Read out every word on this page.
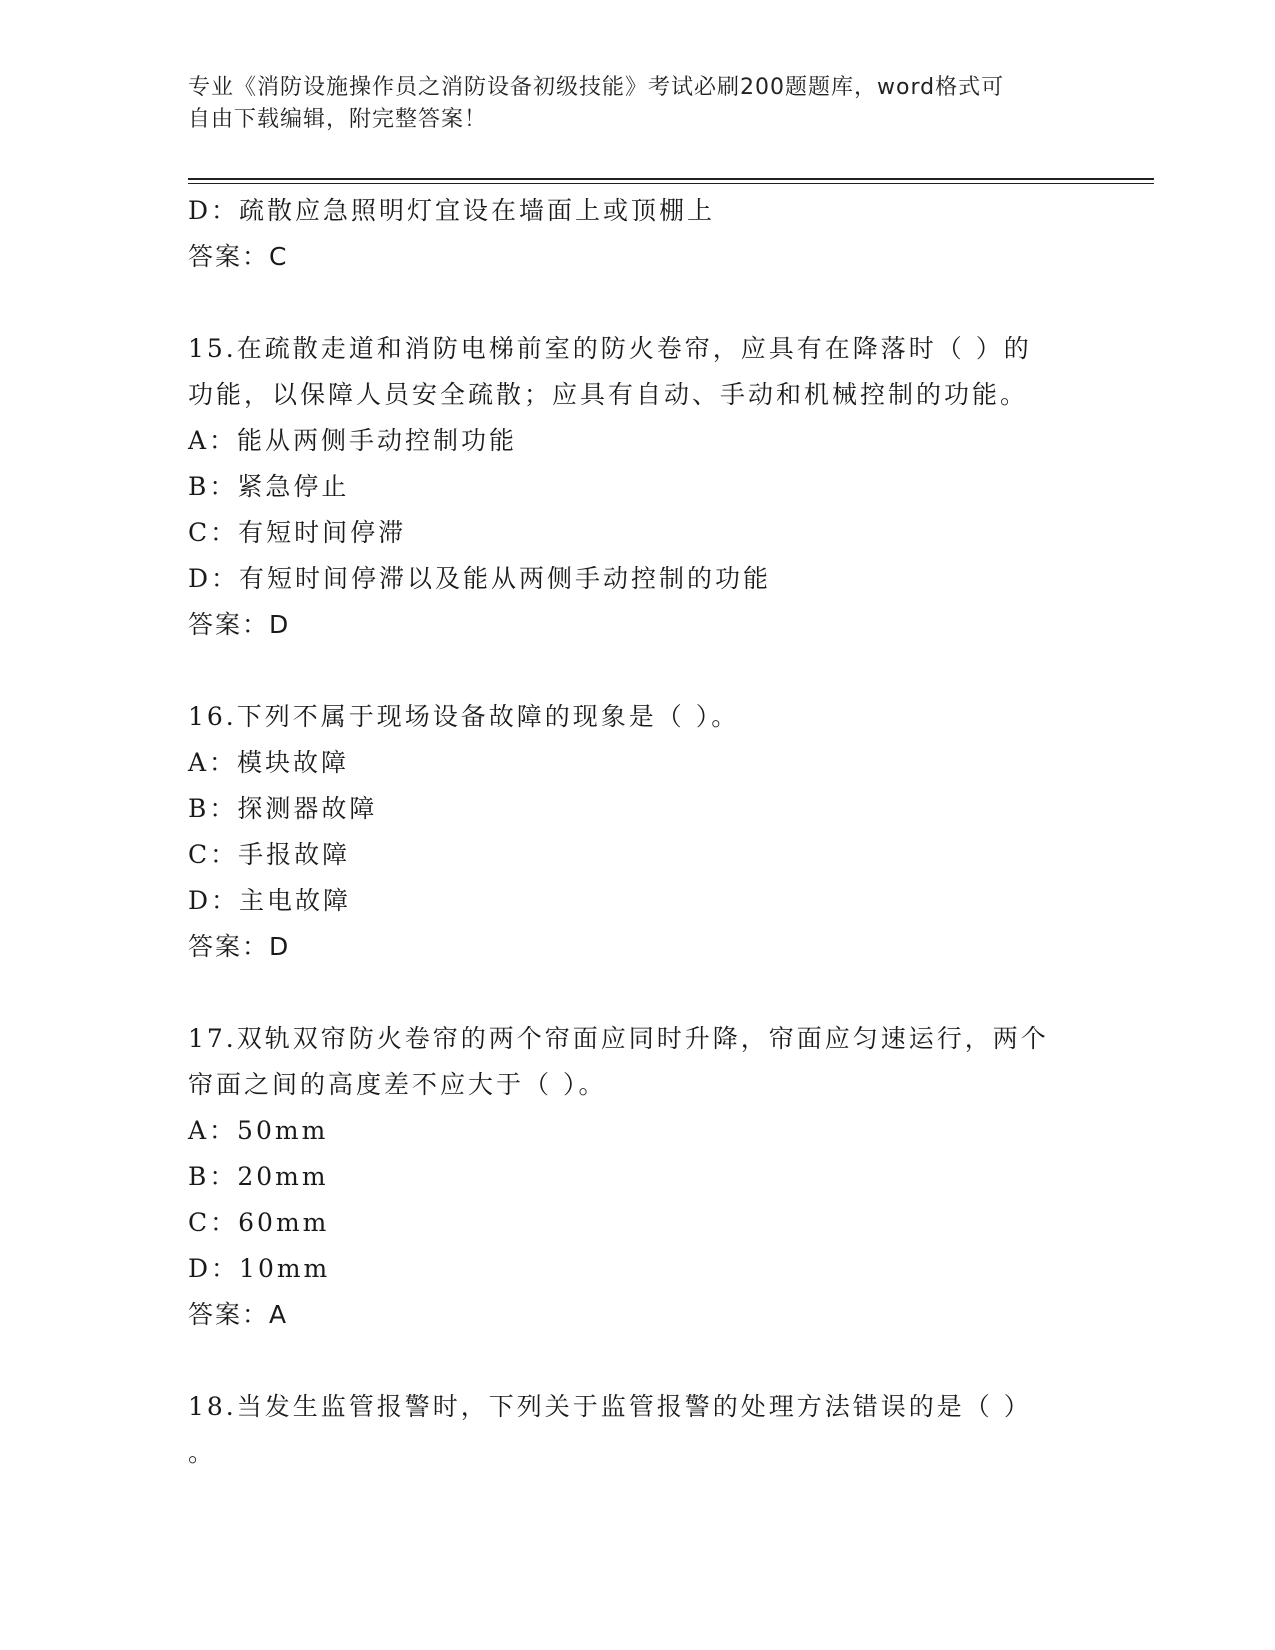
专业《消防设施操作员之消防设备初级技能》考试必刷200题题库，word格式可
自由下载编辑，附完整答案！
D：疏散应急照明灯宜设在墙面上或顶棚上
答案：C
15.在疏散走道和消防电梯前室的防火卷帘，应具有在降落时（ ）的
功能，以保障人员安全疏散；应具有自动、手动和机械控制的功能。
A：能从两侧手动控制功能
B：紧急停止
C：有短时间停滞
D：有短时间停滞以及能从两侧手动控制的功能
答案：D
16.下列不属于现场设备故障的现象是（ ）。
A：模块故障
B：探测器故障
C：手报故障
D：主电故障
答案：D
17.双轨双帘防火卷帘的两个帘面应同时升降，帘面应匀速运行，两个
帘面之间的高度差不应大于（ ）。
A：50mm
B：20mm
C：60mm
D：10mm
答案：A
18.当发生监管报警时，下列关于监管报警的处理方法错误的是（ ）
。
